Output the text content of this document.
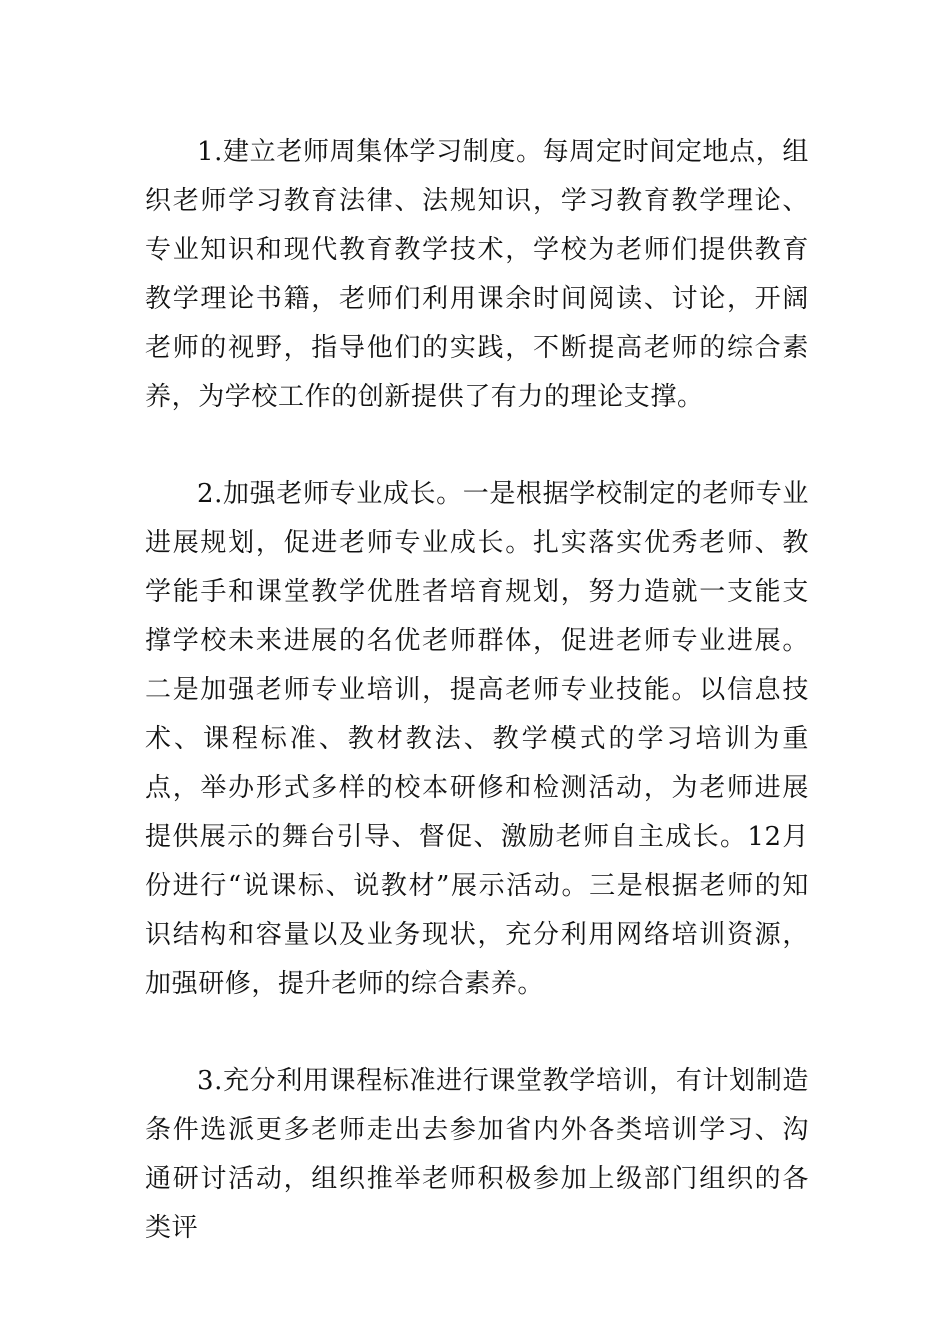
1.建立老师周集体学习制度。每周定时间定地点，组织老师学习教育法律、法规知识，学习教育教学理论、专业知识和现代教育教学技术，学校为老师们提供教育教学理论书籍，老师们利用课余时间阅读、讨论，开阔老师的视野，指导他们的实践，不断提高老师的综合素养，为学校工作的创新提供了有力的理论支撑。

2.加强老师专业成长。一是根据学校制定的老师专业进展规划，促进老师专业成长。扎实落实优秀老师、教学能手和课堂教学优胜者培育规划，努力造就一支能支撑学校未来进展的名优老师群体，促进老师专业进展。二是加强老师专业培训，提高老师专业技能。以信息技术、课程标准、教材教法、教学模式的学习培训为重点，举办形式多样的校本研修和检测活动，为老师进展提供展示的舞台引导、督促、激励老师自主成长。12月份进行“说课标、说教材”展示活动。三是根据老师的知识结构和容量以及业务现状，充分利用网络培训资源，加强研修，提升老师的综合素养。

3.充分利用课程标准进行课堂教学培训，有计划制造条件选派更多老师走出去参加省内外各类培训学习、沟通研讨活动，组织推举老师积极参加上级部门组织的各类评
